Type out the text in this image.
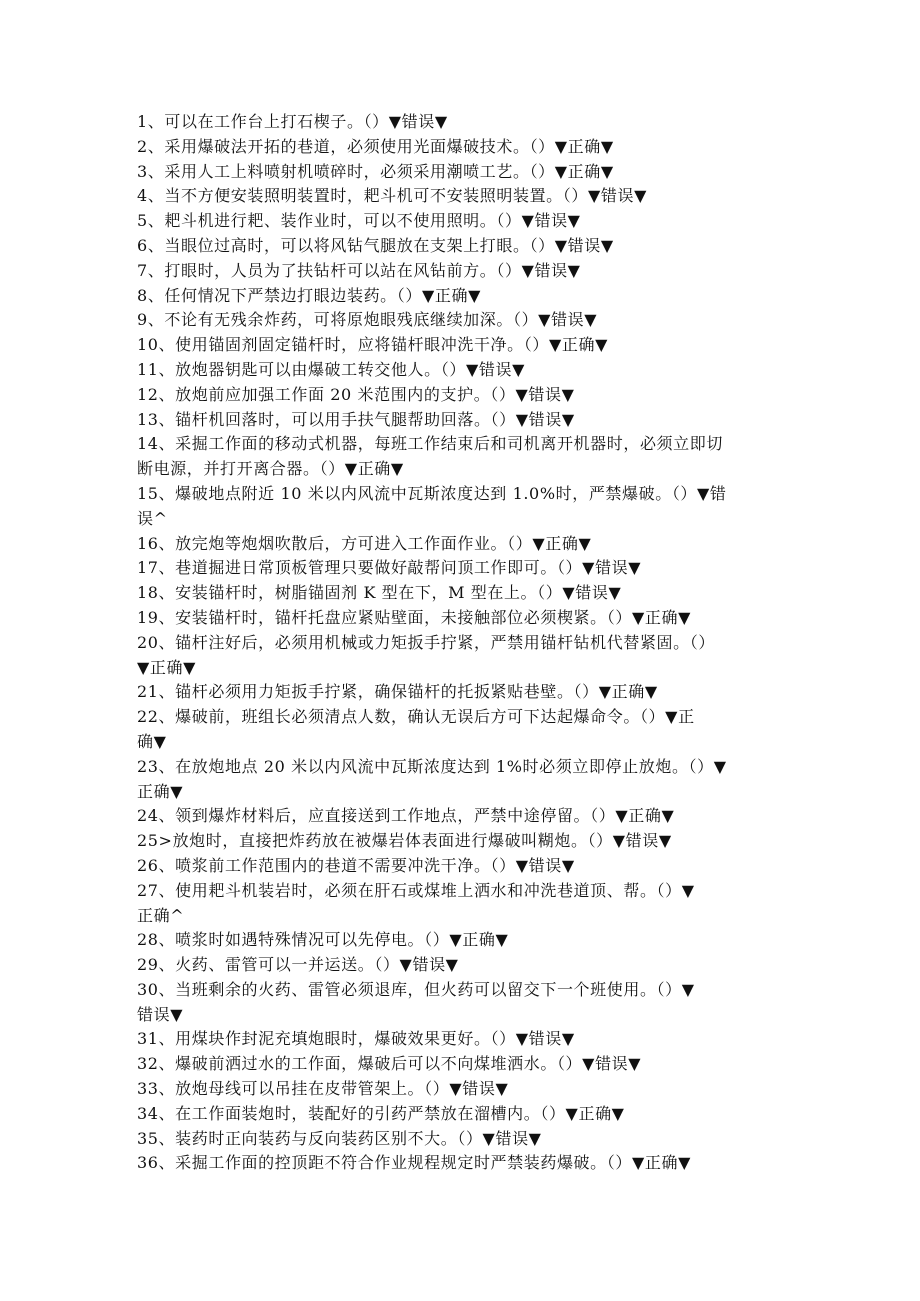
1、可以在工作台上打石楔子。（）▼错误▼
2、采用爆破法开拓的巷道，必须使用光面爆破技术。（）▼正确▼
3、采用人工上料喷射机喷碎时，必须采用潮喷工艺。（）▼正确▼
4、当不方便安装照明装置时，耙斗机可不安装照明装置。（）▼错误▼
5、耙斗机进行耙、装作业时，可以不使用照明。（）▼错误▼
6、当眼位过高时，可以将风钻气腿放在支架上打眼。（）▼错误▼
7、打眼时，人员为了扶钻杆可以站在风钻前方。（）▼错误▼
8、任何情况下严禁边打眼边装药。（）▼正确▼
9、不论有无残余炸药，可将原炮眼残底继续加深。（）▼错误▼
10、使用锚固剂固定锚杆时，应将锚杆眼冲洗干净。（）▼正确▼
11、放炮器钥匙可以由爆破工转交他人。（）▼错误▼
12、放炮前应加强工作面 20 米范围内的支护。（）▼错误▼
13、锚杆机回落时，可以用手扶气腿帮助回落。（）▼错误▼
14、采掘工作面的移动式机器，每班工作结束后和司机离开机器时，必须立即切
断电源，并打开离合器。（）▼正确▼
15、爆破地点附近 10 米以内风流中瓦斯浓度达到 1.0%时，严禁爆破。（）▼错
误^
16、放完炮等炮烟吹散后，方可进入工作面作业。（）▼正确▼
17、巷道掘进日常顶板管理只要做好敲帮问顶工作即可。（）▼错误▼
18、安装锚杆时，树脂锚固剂 K 型在下，M 型在上。（）▼错误▼
19、安装锚杆时，锚杆托盘应紧贴壁面，未接触部位必须楔紧。（）▼正确▼
20、锚杆注好后，必须用机械或力矩扳手拧紧，严禁用锚杆钻机代替紧固。（）
▼正确▼
21、锚杆必须用力矩扳手拧紧，确保锚杆的托扳紧贴巷壁。（）▼正确▼
22、爆破前，班组长必须清点人数，确认无误后方可下达起爆命令。（）▼正
确▼
23、在放炮地点 20 米以内风流中瓦斯浓度达到 1%时必须立即停止放炮。（）▼
正确▼
24、领到爆炸材料后，应直接送到工作地点，严禁中途停留。（）▼正确▼
25>放炮时，直接把炸药放在被爆岩体表面进行爆破叫糊炮。（）▼错误▼
26、喷浆前工作范围内的巷道不需要冲洗干净。（）▼错误▼
27、使用耙斗机装岩时，必须在肝石或煤堆上洒水和冲洗巷道顶、帮。（）▼
正确^
28、喷浆时如遇特殊情况可以先停电。（）▼正确▼
29、火药、雷管可以一并运送。（）▼错误▼
30、当班剩余的火药、雷管必须退库，但火药可以留交下一个班使用。（）▼
错误▼
31、用煤块作封泥充填炮眼时，爆破效果更好。（）▼错误▼
32、爆破前洒过水的工作面，爆破后可以不向煤堆洒水。（）▼错误▼
33、放炮母线可以吊挂在皮带管架上。（）▼错误▼
34、在工作面装炮时，装配好的引药严禁放在溜槽内。（）▼正确▼
35、装药时正向装药与反向装药区别不大。（）▼错误▼
36、采掘工作面的控顶距不符合作业规程规定时严禁装药爆破。（）▼正确▼
